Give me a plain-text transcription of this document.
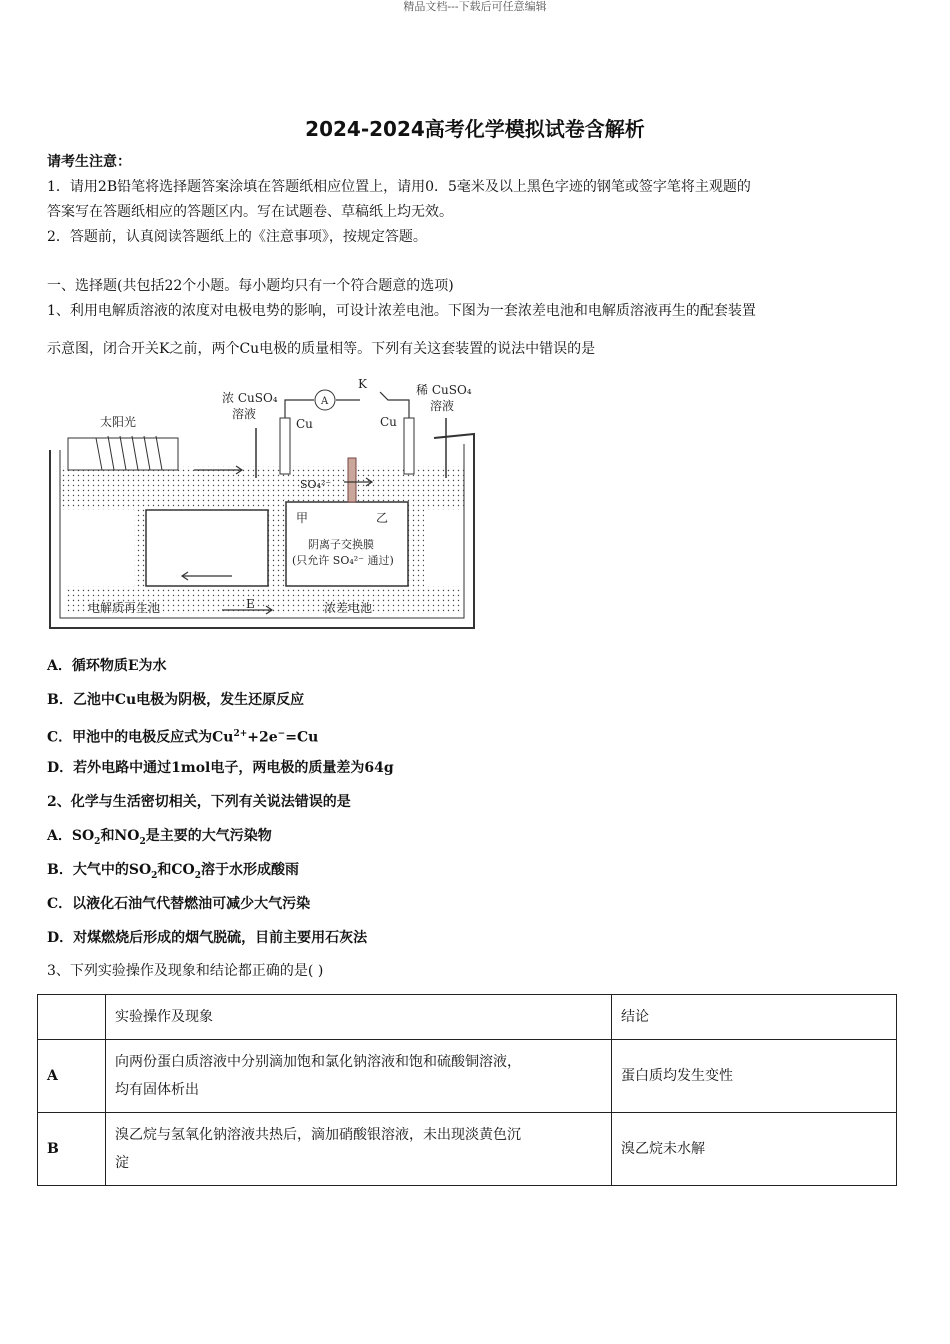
精品文档---下载后可任意编辑
2024-2024高考化学模拟试卷含解析
请考生注意：
1．请用2B铅笔将选择题答案涂填在答题纸相应位置上，请用0．5毫米及以上黑色字迹的钢笔或签字笔将主观题的
答案写在答题纸相应的答题区内。写在试题卷、草稿纸上均无效。
2．答题前，认真阅读答题纸上的《注意事项》，按规定答题。
一、选择题(共包括22个小题。每小题均只有一个符合题意的选项)
1、利用电解质溶液的浓度对电极电势的影响，可设计浓差电池。下图为一套浓差电池和电解质溶液再生的配套装置
示意图，闭合开关K之前，两个Cu电极的质量相等。下列有关这套装置的说法中错误的是
浓 CuSO₄
溶液
稀 CuSO₄
溶液
K
A
太阳光	Cu	Cu
SO₄²⁻
甲	乙
阴离子交换膜
(只允许 SO₄²⁻ 通过)
电解质再生池	E	浓差电池
A．循环物质E为水
B．乙池中Cu电极为阴极，发生还原反应
C．甲池中的电极反应式为$Cu^{2+}+2e^-=Cu$
D．若外电路中通过1mol电子，两电极的质量差为64g
2、化学与生活密切相关，下列有关说法错误的是
A．$SO_2$和$NO_2$是主要的大气污染物
B．大气中的$SO_2$和$CO_2$溶于水形成酸雨
C．以液化石油气代替燃油可减少大气污染
D．对煤燃烧后形成的烟气脱硫，目前主要用石灰法
3、下列实验操作及现象和结论都正确的是( )
	实验操作及现象	结论
A	向两份蛋白质溶液中分别滴加饱和氯化钠溶液和饱和硫酸铜溶液，
均有固体析出	蛋白质均发生变性
B	溴乙烷与氢氧化钠溶液共热后，滴加硝酸银溶液，未出现淡黄色沉
淀	溴乙烷未水解
